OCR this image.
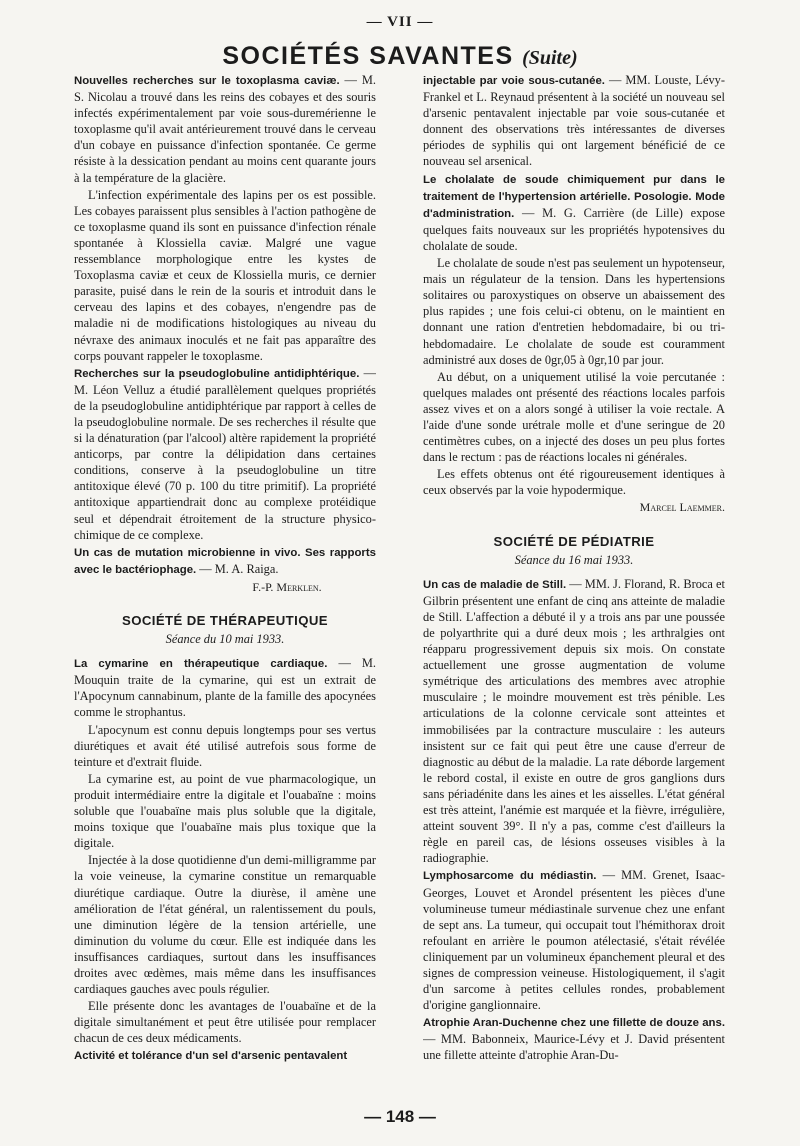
— VII —
SOCIÉTÉS SAVANTES (Suite)

Nouvelles recherches sur le toxoplasma caviæ. — M. S. Nicolau a trouvé dans les reins des cobayes et des souris infectés expérimentalement par voie sous-duremérienne le toxoplasme qu'il avait antérieurement trouvé dans le cerveau d'un cobaye en puissance d'infection spontanée. Ce germe résiste à la dessication pendant au moins cent quarante jours à la température de la glacière.

L'infection expérimentale des lapins per os est possible. Les cobayes paraissent plus sensibles à l'action pathogène de ce toxoplasme quand ils sont en puissance d'infection rénale spontanée à Klossiella caviæ. Malgré une vague ressemblance morphologique entre les kystes de Toxoplasma caviæ et ceux de Klossiella muris, ce dernier parasite, puisé dans le rein de la souris et introduit dans le cerveau des lapins et des cobayes, n'engendre pas de maladie ni de modifications histologiques au niveau du névraxe des animaux inoculés et ne fait pas apparaître des corps pouvant rappeler le toxoplasme.

Recherches sur la pseudoglobuline antidiphtérique. — M. Léon Velluz a étudié parallèlement quelques propriétés de la pseudoglobuline antidiphtérique par rapport à celles de la pseudoglobuline normale. De ses recherches il résulte que si la dénaturation (par l'alcool) altère rapidement la propriété anticorps, par contre la délipidation dans certaines conditions, conserve à la pseudoglobuline un titre antitoxique élevé (70 p. 100 du titre primitif). La propriété antitoxique appartiendrait donc au complexe protéidique seul et dépendrait étroitement de la structure physico-chimique de ce complexe.

Un cas de mutation microbienne in vivo. Ses rapports avec le bactériophage. — M. A. Raiga.

F.-P. Merklen.

SOCIÉTÉ DE THÉRAPEUTIQUE
Séance du 10 mai 1933.

La cymarine en thérapeutique cardiaque. — M. Mouquin traite de la cymarine, qui est un extrait de l'Apocynum cannabinum, plante de la famille des apocynées comme le strophantus.

L'apocynum est connu depuis longtemps pour ses vertus diurétiques et avait été utilisé autrefois sous forme de teinture et d'extrait fluide.

La cymarine est, au point de vue pharmacologique, un produit intermédiaire entre la digitale et l'ouabaïne : moins soluble que l'ouabaïne mais plus soluble que la digitale, moins toxique que l'ouabaïne mais plus toxique que la digitale.

Injectée à la dose quotidienne d'un demi-milligramme par la voie veineuse, la cymarine constitue un remarquable diurétique cardiaque. Outre la diurèse, il amène une amélioration de l'état général, un ralentissement du pouls, une diminution légère de la tension artérielle, une diminution du volume du cœur. Elle est indiquée dans les insuffisances cardiaques, surtout dans les insuffisances droites avec œdèmes, mais même dans les insuffisances cardiaques gauches avec pouls régulier.

Elle présente donc les avantages de l'ouabaïne et de la digitale simultanément et peut être utilisée pour remplacer chacun de ces deux médicaments.

Activité et tolérance d'un sel d'arsenic pentavalent

injectable par voie sous-cutanée. — MM. Louste, Lévy-Frankel et L. Reynaud présentent à la société un nouveau sel d'arsenic pentavalent injectable par voie sous-cutanée et donnent des observations très intéressantes de diverses périodes de syphilis qui ont largement bénéficié de ce nouveau sel arsenical.

Le cholalate de soude chimiquement pur dans le traitement de l'hypertension artérielle. Posologie. Mode d'administration. — M. G. Carrière (de Lille) expose quelques faits nouveaux sur les propriétés hypotensives du cholalate de soude.

Le cholalate de soude n'est pas seulement un hypotenseur, mais un régulateur de la tension. Dans les hypertensions solitaires ou paroxystiques on observe un abaissement des plus rapides ; une fois celui-ci obtenu, on le maintient en donnant une ration d'entretien hebdomadaire, bi ou tri-hebdomadaire. Le cholalate de soude est couramment administré aux doses de 0gr,05 à 0gr,10 par jour.

Au début, on a uniquement utilisé la voie percutanée : quelques malades ont présenté des réactions locales parfois assez vives et on a alors songé à utiliser la voie rectale. A l'aide d'une sonde urétrale molle et d'une seringue de 20 centimètres cubes, on a injecté des doses un peu plus fortes dans le rectum : pas de réactions locales ni générales.

Les effets obtenus ont été rigoureusement identiques à ceux observés par la voie hypodermique.

Marcel Laemmer.

SOCIÉTÉ DE PÉDIATRIE
Séance du 16 mai 1933.

Un cas de maladie de Still. — MM. J. Florand, R. Broca et Gilbrin présentent une enfant de cinq ans atteinte de maladie de Still. L'affection a débuté il y a trois ans par une poussée de polyarthrite qui a duré deux mois ; les arthralgies ont réapparu progressivement depuis six mois. On constate actuellement une grosse augmentation de volume symétrique des articulations des membres avec atrophie musculaire ; le moindre mouvement est très pénible. Les articulations de la colonne cervicale sont atteintes et immobilisées par la contracture musculaire : les auteurs insistent sur ce fait qui peut être une cause d'erreur de diagnostic au début de la maladie. La rate déborde largement le rebord costal, il existe en outre de gros ganglions durs sans périadénite dans les aines et les aisselles. L'état général est très atteint, l'anémie est marquée et la fièvre, irrégulière, atteint souvent 39°. Il n'y a pas, comme c'est d'ailleurs la règle en pareil cas, de lésions osseuses visibles à la radiographie.

Lymphosarcome du médiastin. — MM. Grenet, Isaac-Georges, Louvet et Arondel présentent les pièces d'une volumineuse tumeur médiastinale survenue chez une enfant de sept ans. La tumeur, qui occupait tout l'hémithorax droit refoulant en arrière le poumon atélectasié, s'était révélée cliniquement par un volumineux épanchement pleural et des signes de compression veineuse. Histologiquement, il s'agit d'un sarcome à petites cellules rondes, probablement d'origine ganglionnaire.

Atrophie Aran-Duchenne chez une fillette de douze ans. — MM. Babonneix, Maurice-Lévy et J. David présentent une fillette atteinte d'atrophie Aran-Du-

— 148 —
